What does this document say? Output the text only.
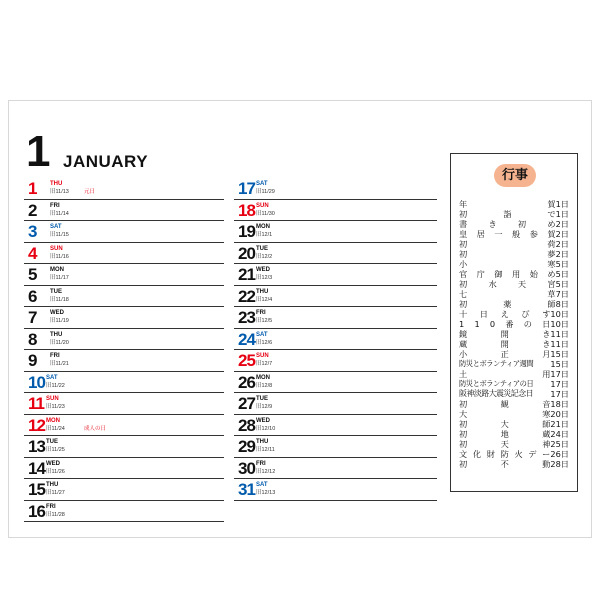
1 JANUARY
1 THU
旧11/13	元日
2 FRI
旧11/14
3 SAT
旧11/15
4 SUN
旧11/16
5 MON
旧11/17
6 TUE
旧11/18
7 WED
旧11/19
8 THU
旧11/20
9 FRI
旧11/21
10 SAT
旧11/22
11 SUN
旧11/23
12 MON
旧11/24	成人の日
13 TUE
旧11/25
14 WED
旧11/26
15 THU
旧11/27
16 FRI
旧11/28
17 SAT
旧11/29
18 SUN
旧11/30
19 MON
旧12/1
20 TUE
旧12/2
21 WED
旧12/3
22 THU
旧12/4
23 FRI
旧12/5
24 SAT
旧12/6
25 SUN
旧12/7
26 MON
旧12/8
27 TUE
旧12/9
28 WED
旧12/10
29 THU
旧12/11
30 FRI
旧12/12
31 SAT
旧12/13
行事
年	賀 1日
初	詣	で 1日
書	き	初	め 2日
皇 居 一 般 参 賀 2日
初	荷 2日
初	夢 2日
小	寒 5日
官 庁 御 用 始 め 5日
初	水	天	宮 5日
七	草 7日
初	薬	師 8日
十 日 え び す 10日
1 1 0 番 の 日 10日
鏡	開	き 11日
蔵	開	き 11日
小	正	月 15日
防災とボランティア週間	15日
土	用 17日
防災とボランティアの日	17日
阪神淡路大震災記念日	17日
初	観	音 18日
大	寒 20日
初	大	師 21日
初	地	蔵 24日
初	天	神 25日
文 化 財 防 火 デ ー 26日
初	不	動 28日
